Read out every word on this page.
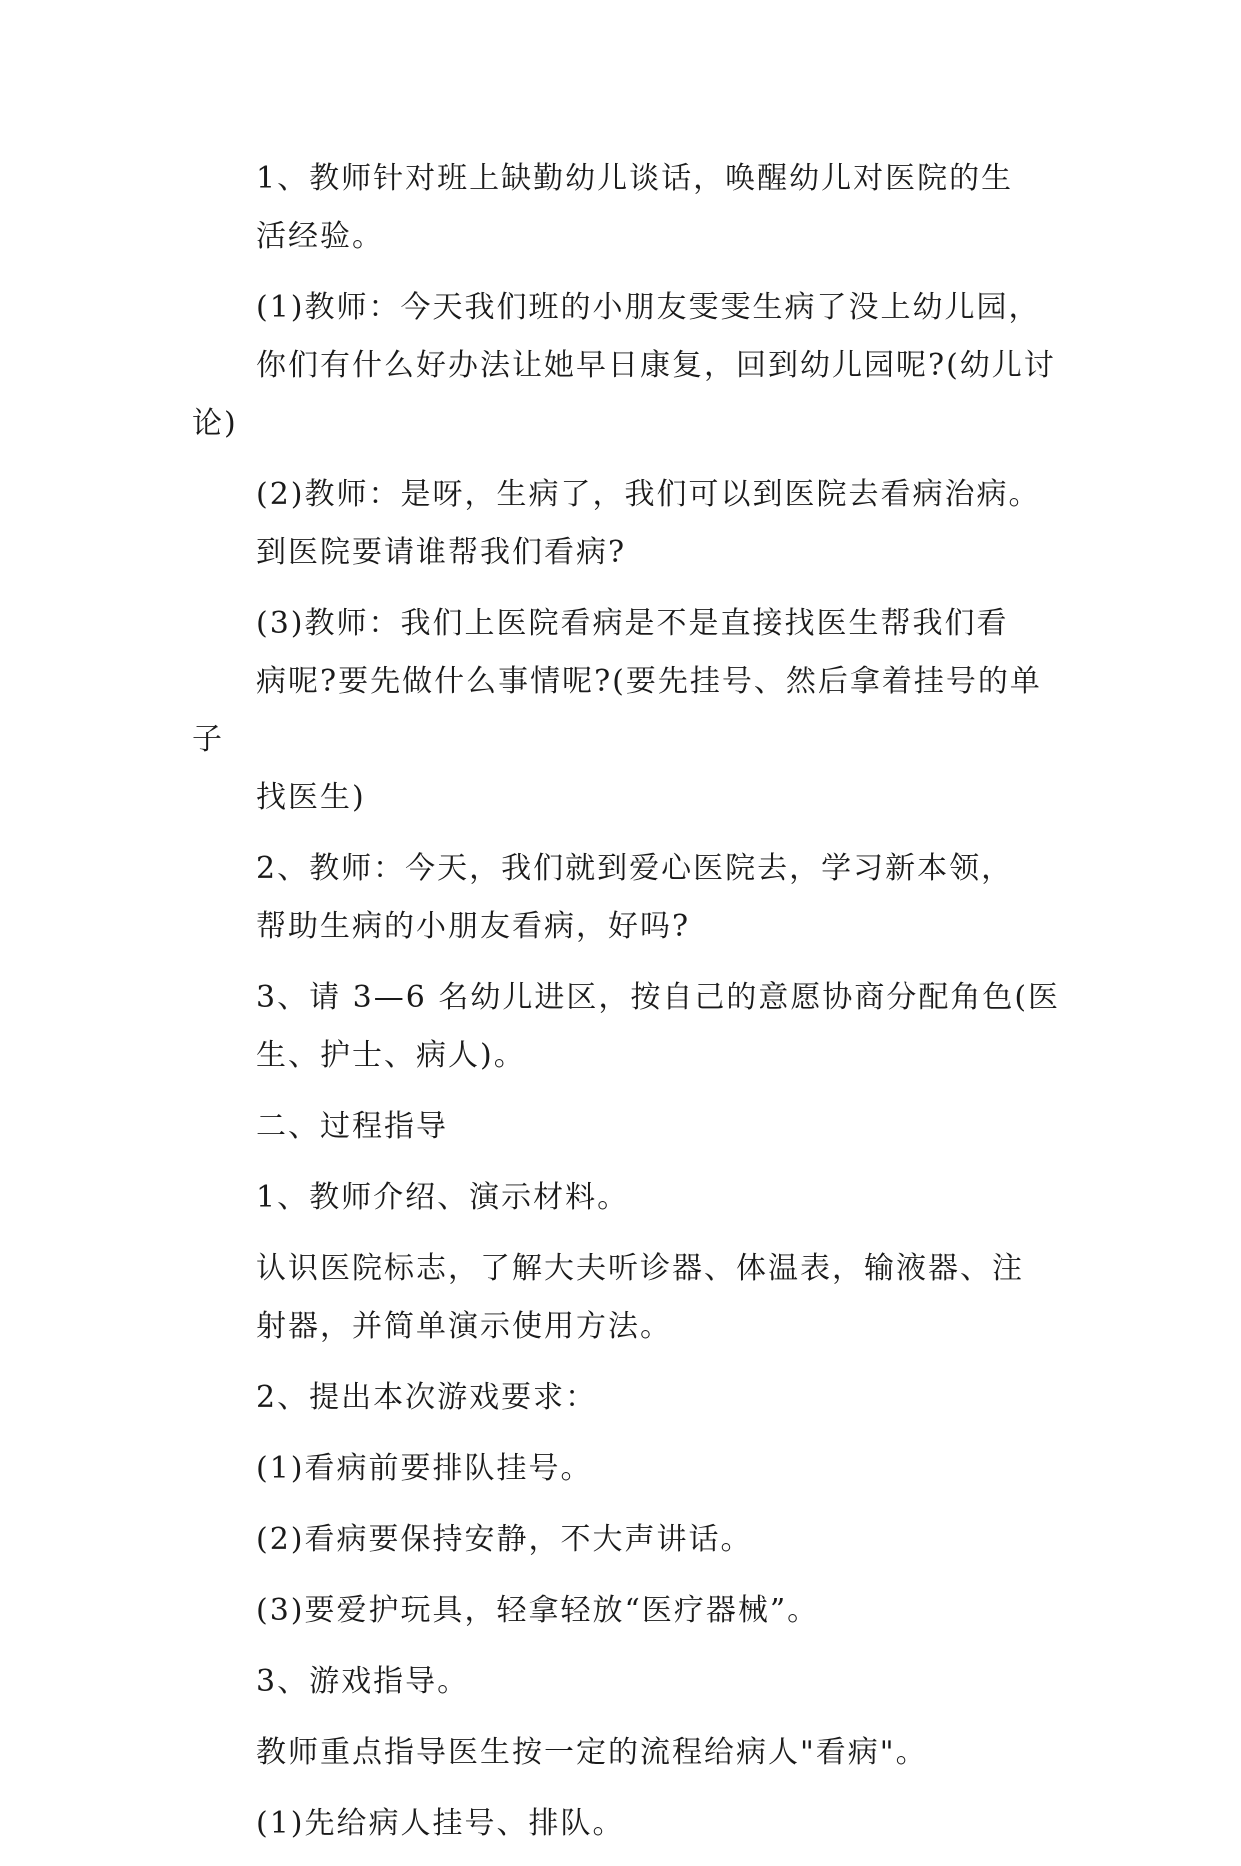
1、教师针对班上缺勤幼儿谈话，唤醒幼儿对医院的生
活经验。

(1)教师：今天我们班的小朋友雯雯生病了没上幼儿园，
你们有什么好办法让她早日康复，回到幼儿园呢?(幼儿讨论)

(2)教师：是呀，生病了，我们可以到医院去看病治病。
到医院要请谁帮我们看病?

(3)教师：我们上医院看病是不是直接找医生帮我们看
病呢?要先做什么事情呢?(要先挂号、然后拿着挂号的单子
找医生)

2、教师：今天，我们就到爱心医院去，学习新本领，
帮助生病的小朋友看病，好吗?

3、请 3—6 名幼儿进区，按自己的意愿协商分配角色(医
生、护士、病人)。

二、过程指导

1、教师介绍、演示材料。

认识医院标志，了解大夫听诊器、体温表，输液器、注
射器，并简单演示使用方法。

2、提出本次游戏要求：

(1)看病前要排队挂号。

(2)看病要保持安静，不大声讲话。

(3)要爱护玩具，轻拿轻放“医疗器械”。

3、游戏指导。

教师重点指导医生按一定的流程给病人"看病"。

(1)先给病人挂号、排队。
